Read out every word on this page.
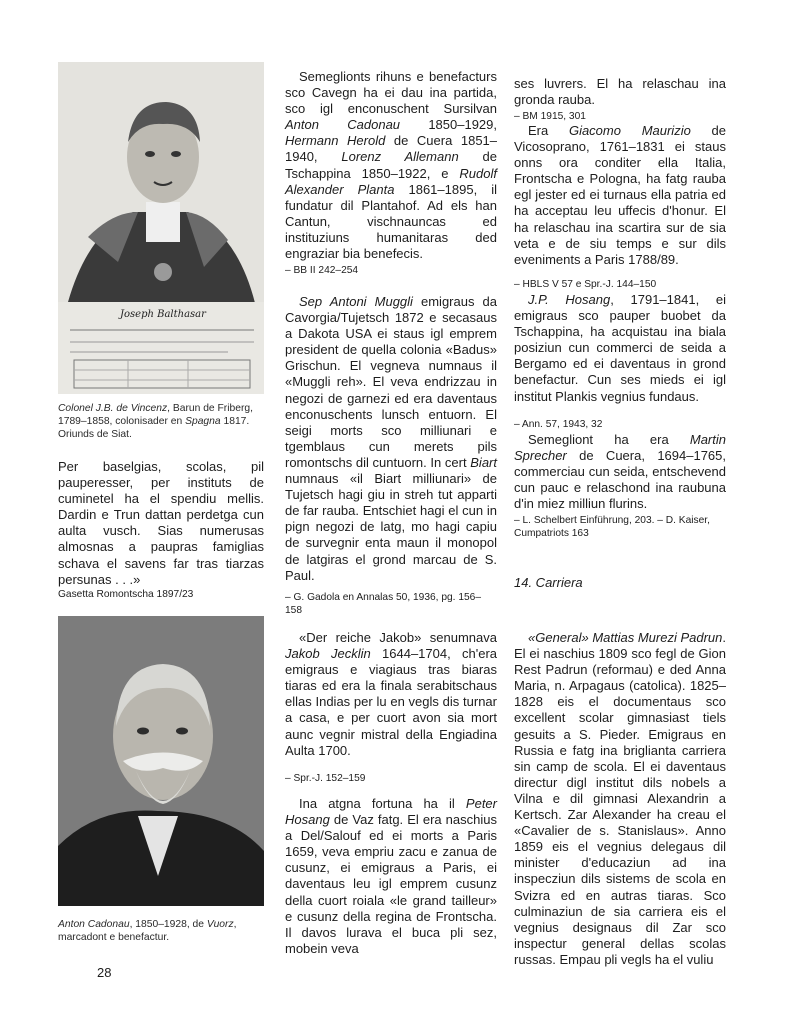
Joseph Balthasar

Colonel J.B. de Vincenz, Barun de Friberg, 1789–1858, colonisader en Spagna 1817. Oriunds de Siat.

Per baselgias, scolas, pil pauperesser, per instituts de cuminetel ha el spendiu mellis. Dardin e Trun dattan perdetga cun aulta vusch. Sias numerusas almosnas a paupras famiglias schava el savens far tras tiarzas persunas . . .»

Gasetta Romontscha 1897/23

Anton Cadonau, 1850–1928, de Vuorz, marcadont e benefactur.

28

Semeglionts rihuns e benefacturs sco Cavegn ha ei dau ina partida, sco igl enconuschent Sursilvan Anton Cadonau 1850–1929, Hermann Herold de Cuera 1851–1940, Lorenz Allemann de Tschappina 1850–1922, e Rudolf Alexander Planta 1861–1895, il fundatur dil Plantahof. Ad els han Cantun, vischnauncas ed instituziuns humanitaras ded engraziar bia benefecis.

– BB II 242–254

Sep Antoni Muggli emigraus da Cavorgia/Tujetsch 1872 e secasaus a Dakota USA ei staus igl emprem president de quella colonia «Badus» Grischun. El vegneva numnaus il «Muggli reh». El veva endrizzau in negozi de garnezi ed era daventaus enconuschents lunsch entuorn. El seigi morts sco milliunari e tgemblaus cun merets pils romontschs dil cuntuorn. In cert Biart numnaus «il Biart milliunari» de Tujetsch hagi giu in streh tut apparti de far rauba. Entschiet hagi el cun in pign negozi de latg, mo hagi capiu de survegnir enta maun il monopol de latgiras el grond marcau de S. Paul.

– G. Gadola en Annalas 50, 1936, pg. 156–158

«Der reiche Jakob» senumnava Jakob Jecklin 1644–1704, ch'era emigraus e viagiaus tras biaras tiaras ed era la finala serabitschaus ellas Indias per lu en vegls dis turnar a casa, e per cuort avon sia mort aunc vegnir mistral della Engiadina Aulta 1700.

– Spr.-J. 152–159

Ina atgna fortuna ha il Peter Hosang de Vaz fatg. El era naschius a Del/Salouf ed ei morts a Paris 1659, veva empriu zacu e zanua de cusunz, ei emigraus a Paris, ei daventaus leu igl emprem cusunz della cuort roiala «le grand tailleur» e cusunz della regina de Frontscha. Il davos lurava el buca pli sez, mobein veva

ses luvrers. El ha relaschau ina gronda rauba.

– BM 1915, 301

Era Giacomo Maurizio de Vicosoprano, 1761–1831 ei staus onns ora conditer ella Italia, Frontscha e Pologna, ha fatg rauba egl jester ed ei turnaus ella patria ed ha acceptau leu uffecis d'honur. El ha relaschau ina scartira sur de sia veta e de siu temps e sur dils eveniments a Paris 1788/89.

– HBLS V 57 e Spr.-J. 144–150

J.P. Hosang, 1791–1841, ei emigraus sco pauper buobet da Tschappina, ha acquistau ina biala posiziun cun commerci de seida a Bergamo ed ei daventaus in grond benefactur. Cun ses mieds ei igl institut Plankis vegnius fundaus.

– Ann. 57, 1943, 32

Semegliont ha era Martin Sprecher de Cuera, 1694–1765, commerciau cun seida, entschevend cun pauc e relaschond ina raubuna d'in miez milliun flurins.

– L. Schelbert Einführung, 203. – D. Kaiser, Cumpatriots 163

14. Carriera

«General» Mattias Murezi Padrun. El ei naschius 1809 sco fegl de Gion Rest Padrun (reformau) e ded Anna Maria, n. Arpagaus (catolica). 1825–1828 eis el documentaus sco excellent scolar gimnasiast tiels gesuits a S. Pieder. Emigraus en Russia e fatg ina briglianta carriera sin camp de scola. El ei daventaus directur digl institut dils nobels a Vilna e dil gimnasi Alexandrin a Kertsch. Zar Alexander ha creau el «Cavalier de s. Stanislaus». Anno 1859 eis el vegnius delegaus dil minister d'educaziun ad ina inspecziun dils sistems de scola en Svizra ed en autras tiaras. Sco culminaziun de sia carriera eis el vegnius designaus dil Zar sco inspectur general dellas scolas russas. Empau pli vegls ha el vuliu
